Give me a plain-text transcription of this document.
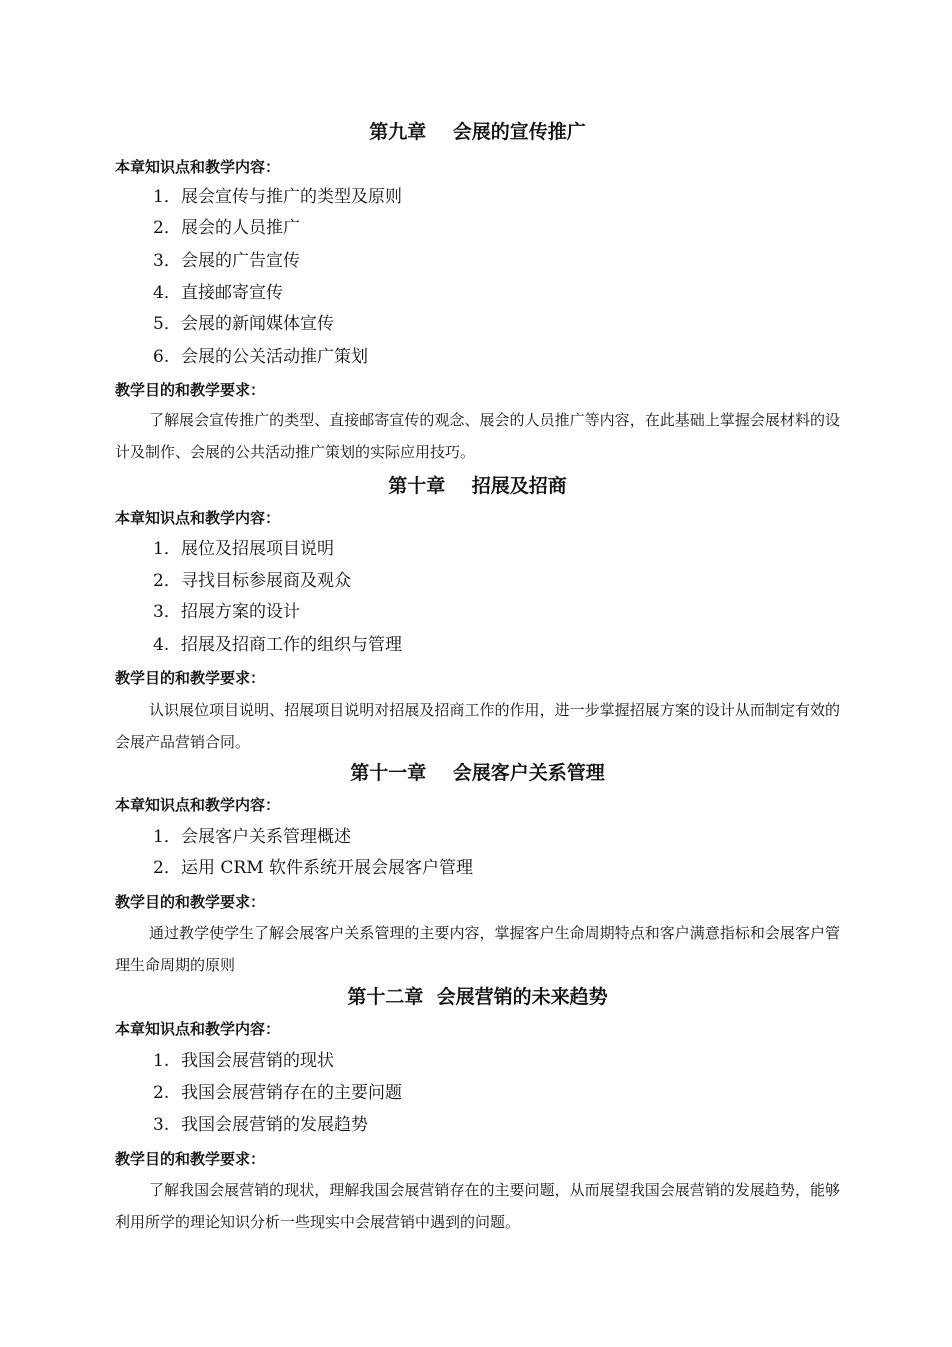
第九章    会展的宣传推广
本章知识点和教学内容：
1．展会宣传与推广的类型及原则
2．展会的人员推广
3．会展的广告宣传
4．直接邮寄宣传
5．会展的新闻媒体宣传
6. 会展的公关活动推广策划
教学目的和教学要求：

了解展会宣传推广的类型、直接邮寄宣传的观念、展会的人员推广等内容，在此基础上掌握会展材料的设计及制作、会展的公共活动推广策划的实际应用技巧。

第十章    招展及招商
本章知识点和教学内容：
1．展位及招展项目说明
2．寻找目标参展商及观众
3．招展方案的设计
4. 招展及招商工作的组织与管理
教学目的和教学要求：

认识展位项目说明、招展项目说明对招展及招商工作的作用，进一步掌握招展方案的设计从而制定有效的会展产品营销合同。

第十一章    会展客户关系管理
本章知识点和教学内容：
1．会展客户关系管理概述
2．运用 CRM 软件系统开展会展客户管理
教学目的和教学要求：

通过教学使学生了解会展客户关系管理的主要内容，掌握客户生命周期特点和客户满意指标和会展客户管理生命周期的原则

第十二章  会展营销的未来趋势
本章知识点和教学内容：
1. 我国会展营销的现状
2. 我国会展营销存在的主要问题
3. 我国会展营销的发展趋势
教学目的和教学要求：

了解我国会展营销的现状，理解我国会展营销存在的主要问题，从而展望我国会展营销的发展趋势，能够利用所学的理论知识分析一些现实中会展营销中遇到的问题。
